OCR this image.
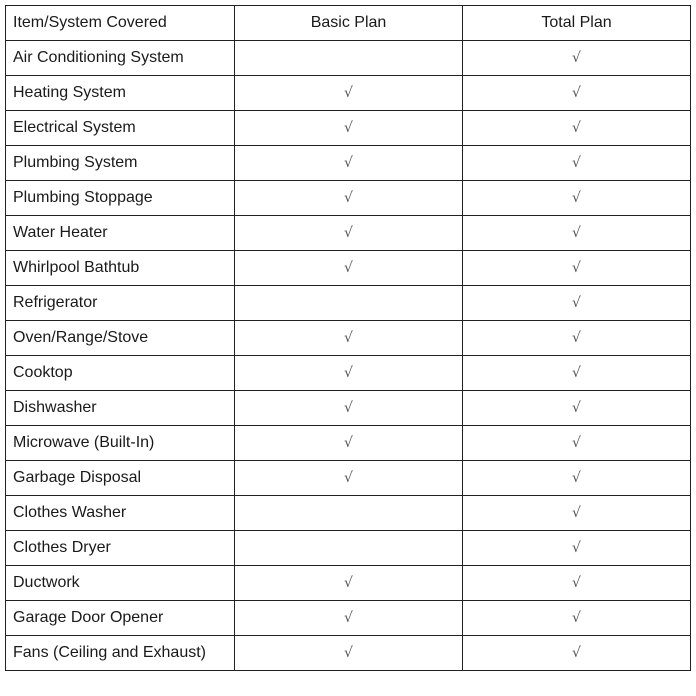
Item/System Covered	Basic Plan	Total Plan
Air Conditioning System		√
Heating System	√	√
Electrical System	√	√
Plumbing System	√	√
Plumbing Stoppage	√	√
Water Heater	√	√
Whirlpool Bathtub	√	√
Refrigerator		√
Oven/Range/Stove	√	√
Cooktop	√	√
Dishwasher	√	√
Microwave (Built-In)	√	√
Garbage Disposal	√	√
Clothes Washer		√
Clothes Dryer		√
Ductwork	√	√
Garage Door Opener	√	√
Fans (Ceiling and Exhaust)	√	√
